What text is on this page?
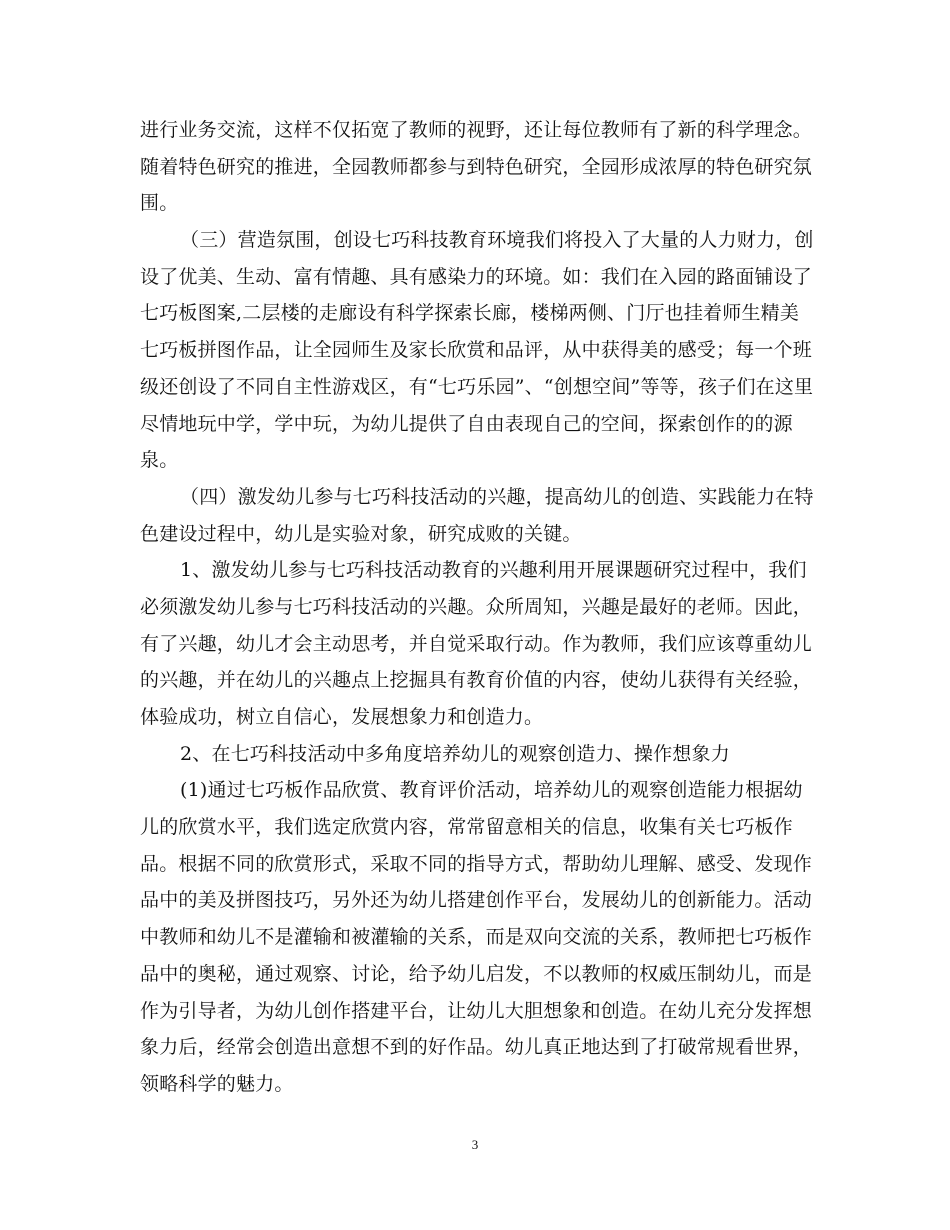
进行业务交流，这样不仅拓宽了教师的视野，还让每位教师有了新的科学理念。
随着特色研究的推进，全园教师都参与到特色研究，全园形成浓厚的特色研究氛
围。
（三）营造氛围，创设七巧科技教育环境我们将投入了大量的人力财力，创
设了优美、生动、富有情趣、具有感染力的环境。如：我们在入园的路面铺设了
七巧板图案,二层楼的走廊设有科学探索长廊，楼梯两侧、门厅也挂着师生精美
七巧板拼图作品，让全园师生及家长欣赏和品评，从中获得美的感受；每一个班
级还创设了不同自主性游戏区，有“七巧乐园”、“创想空间”等等，孩子们在这里
尽情地玩中学，学中玩，为幼儿提供了自由表现自己的空间，探索创作的的源
泉。
（四）激发幼儿参与七巧科技活动的兴趣，提高幼儿的创造、实践能力在特
色建设过程中，幼儿是实验对象，研究成败的关键。
1、激发幼儿参与七巧科技活动教育的兴趣利用开展课题研究过程中，我们
必须激发幼儿参与七巧科技活动的兴趣。众所周知，兴趣是最好的老师。因此，
有了兴趣，幼儿才会主动思考，并自觉采取行动。作为教师，我们应该尊重幼儿
的兴趣，并在幼儿的兴趣点上挖掘具有教育价值的内容，使幼儿获得有关经验，
体验成功，树立自信心，发展想象力和创造力。
2、在七巧科技活动中多角度培养幼儿的观察创造力、操作想象力
(1)通过七巧板作品欣赏、教育评价活动，培养幼儿的观察创造能力根据幼
儿的欣赏水平，我们选定欣赏内容，常常留意相关的信息，收集有关七巧板作
品。根据不同的欣赏形式，采取不同的指导方式，帮助幼儿理解、感受、发现作
品中的美及拼图技巧，另外还为幼儿搭建创作平台，发展幼儿的创新能力。活动
中教师和幼儿不是灌输和被灌输的关系，而是双向交流的关系，教师把七巧板作
品中的奥秘，通过观察、讨论，给予幼儿启发，不以教师的权威压制幼儿，而是
作为引导者，为幼儿创作搭建平台，让幼儿大胆想象和创造。在幼儿充分发挥想
象力后，经常会创造出意想不到的好作品。幼儿真正地达到了打破常规看世界，
领略科学的魅力。
3
